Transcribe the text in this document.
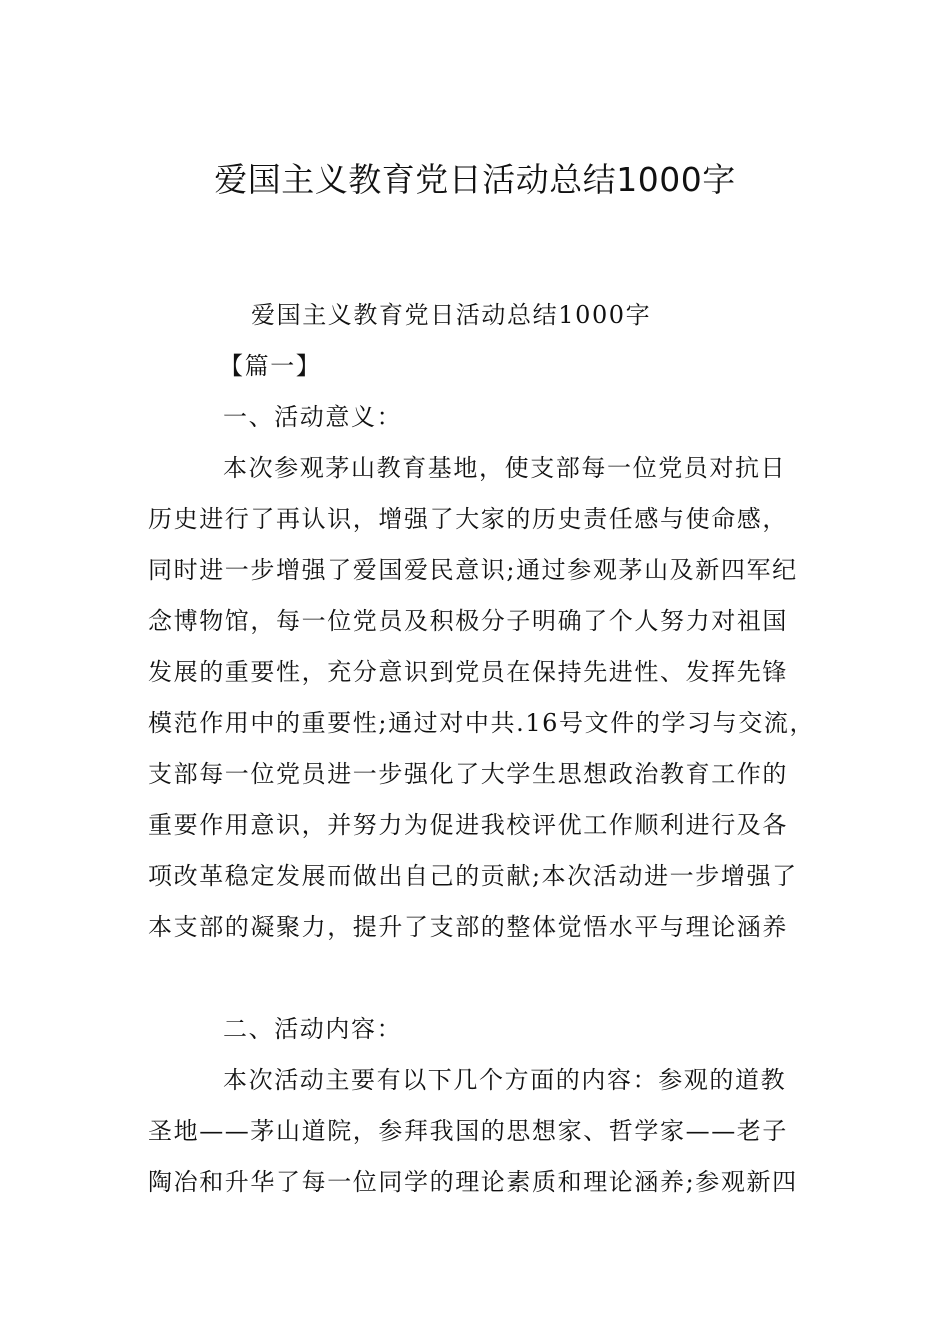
爱国主义教育党日活动总结1000字
爱国主义教育党日活动总结1000字
【篇一】
一、活动意义：
本次参观茅山教育基地，使支部每一位党员对抗日
历史进行了再认识，增强了大家的历史责任感与使命感，
同时进一步增强了爱国爱民意识;通过参观茅山及新四军纪
念博物馆，每一位党员及积极分子明确了个人努力对祖国
发展的重要性，充分意识到党员在保持先进性、发挥先锋
模范作用中的重要性;通过对中共.16号文件的学习与交流，
支部每一位党员进一步强化了大学生思想政治教育工作的
重要作用意识，并努力为促进我校评优工作顺利进行及各
项改革稳定发展而做出自己的贡献;本次活动进一步增强了
本支部的凝聚力，提升了支部的整体觉悟水平与理论涵养
二、活动内容：
本次活动主要有以下几个方面的内容：参观的道教
圣地——茅山道院，参拜我国的思想家、哲学家——老子
陶冶和升华了每一位同学的理论素质和理论涵养;参观新四
